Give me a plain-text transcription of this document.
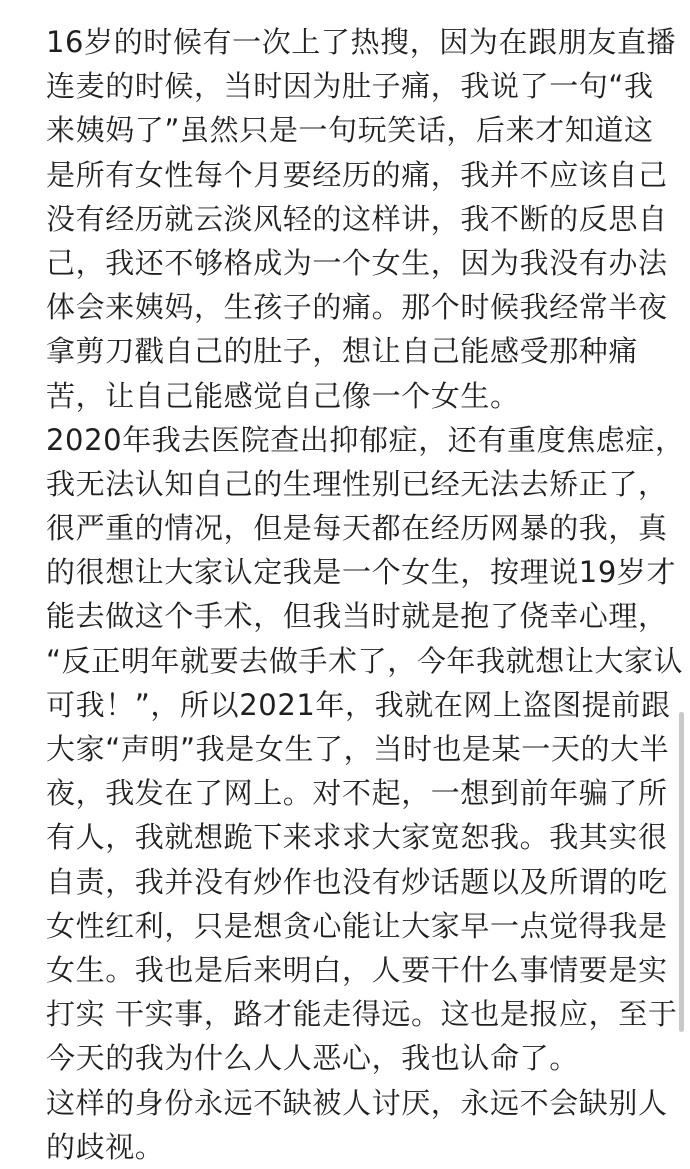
16岁的时候有一次上了热搜，因为在跟朋友直播
连麦的时候，当时因为肚子痛，我说了一句“我
来姨妈了”虽然只是一句玩笑话，后来才知道这
是所有女性每个月要经历的痛，我并不应该自己
没有经历就云淡风轻的这样讲，我不断的反思自
己，我还不够格成为一个女生，因为我没有办法
体会来姨妈，生孩子的痛。那个时候我经常半夜
拿剪刀戳自己的肚子，想让自己能感受那种痛
苦，让自己能感觉自己像一个女生。
2020年我去医院查出抑郁症，还有重度焦虑症，
我无法认知自己的生理性别已经无法去矫正了，
很严重的情况，但是每天都在经历网暴的我，真
的很想让大家认定我是一个女生，按理说19岁才
能去做这个手术，但我当时就是抱了侥幸心理，
“反正明年就要去做手术了，今年我就想让大家认
可我！”，所以2021年，我就在网上盗图提前跟
大家“声明”我是女生了，当时也是某一天的大半
夜，我发在了网上。对不起，一想到前年骗了所
有人，我就想跪下来求求大家宽恕我。我其实很
自责，我并没有炒作也没有炒话题以及所谓的吃
女性红利，只是想贪心能让大家早一点觉得我是
女生。我也是后来明白，人要干什么事情要是实
打实 干实事，路才能走得远。这也是报应，至于
今天的我为什么人人恶心，我也认命了。
这样的身份永远不缺被人讨厌，永远不会缺别人
的歧视。
